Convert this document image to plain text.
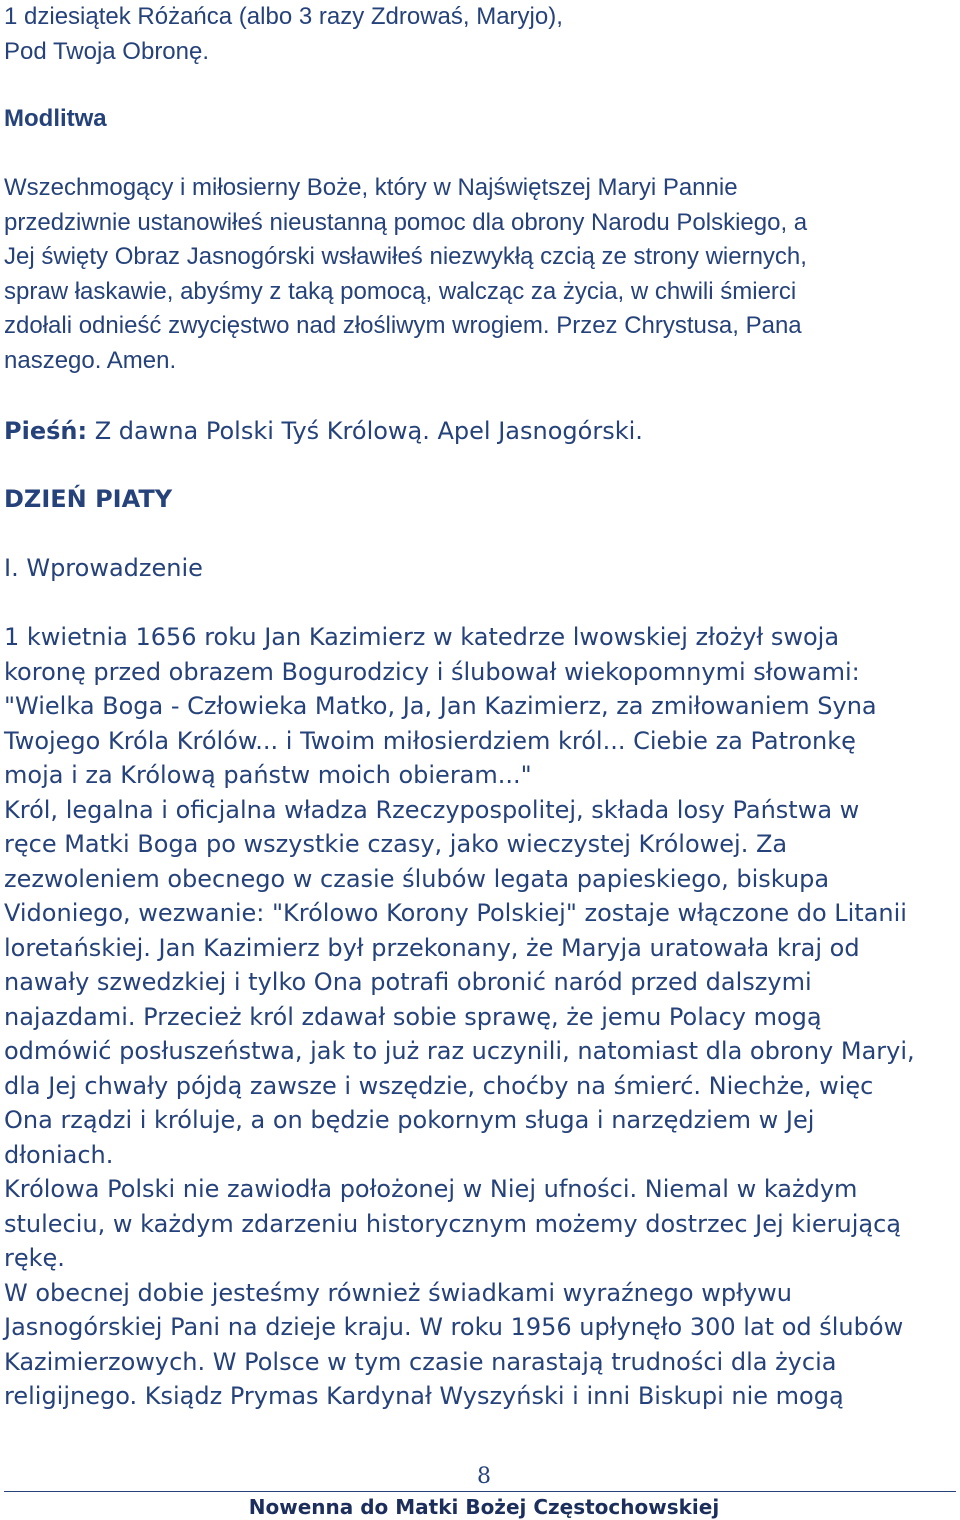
1 dziesiątek Różańca (albo 3 razy Zdrowaś, Maryjo),
Pod Twoja Obronę.
Modlitwa
Wszechmogący i miłosierny Boże, który w Najświętszej Maryi Pannie
przedziwnie ustanowiłeś nieustanną pomoc dla obrony Narodu Polskiego, a
Jej święty Obraz Jasnogórski wsławiłeś niezwykłą czcią ze strony wiernych,
spraw łaskawie, abyśmy z taką pomocą, walcząc za życia, w chwili śmierci
zdołali odnieść zwycięstwo nad złośliwym wrogiem. Przez Chrystusa, Pana
naszego. Amen.
Pieśń: Z dawna Polski Tyś Królową. Apel Jasnogórski.
DZIEŃ PIATY
I. Wprowadzenie
1 kwietnia 1656 roku Jan Kazimierz w katedrze lwowskiej złożył swoja
koronę przed obrazem Bogurodzicy i ślubował wiekopomnymi słowami:
"Wielka Boga - Człowieka Matko, Ja, Jan Kazimierz, za zmiłowaniem Syna
Twojego Króla Królów... i Twoim miłosierdziem król... Ciebie za Patronkę
moja i za Królową państw moich obieram..."
Król, legalna i oficjalna władza Rzeczypospolitej, składa losy Państwa w
ręce Matki Boga po wszystkie czasy, jako wieczystej Królowej. Za
zezwoleniem obecnego w czasie ślubów legata papieskiego, biskupa
Vidoniego, wezwanie: "Królowo Korony Polskiej" zostaje włączone do Litanii
loretańskiej. Jan Kazimierz był przekonany, że Maryja uratowała kraj od
nawały szwedzkiej i tylko Ona potrafi obronić naród przed dalszymi
najazdami. Przecież król zdawał sobie sprawę, że jemu Polacy mogą
odmówić posłuszeństwa, jak to już raz uczynili, natomiast dla obrony Maryi,
dla Jej chwały pójdą zawsze i wszędzie, choćby na śmierć. Niechże, więc
Ona rządzi i króluje, a on będzie pokornym sługa i narzędziem w Jej
dłoniach.
Królowa Polski nie zawiodła położonej w Niej ufności. Niemal w każdym
stuleciu, w każdym zdarzeniu historycznym możemy dostrzec Jej kierującą
rękę.
W obecnej dobie jesteśmy również świadkami wyraźnego wpływu
Jasnogórskiej Pani na dzieje kraju. W roku 1956 upłynęło 300 lat od ślubów
Kazimierzowych. W Polsce w tym czasie narastają trudności dla życia
religijnego. Ksiądz Prymas Kardynał Wyszyński i inni Biskupi nie mogą
8
Nowenna do Matki Bożej Częstochowskiej
